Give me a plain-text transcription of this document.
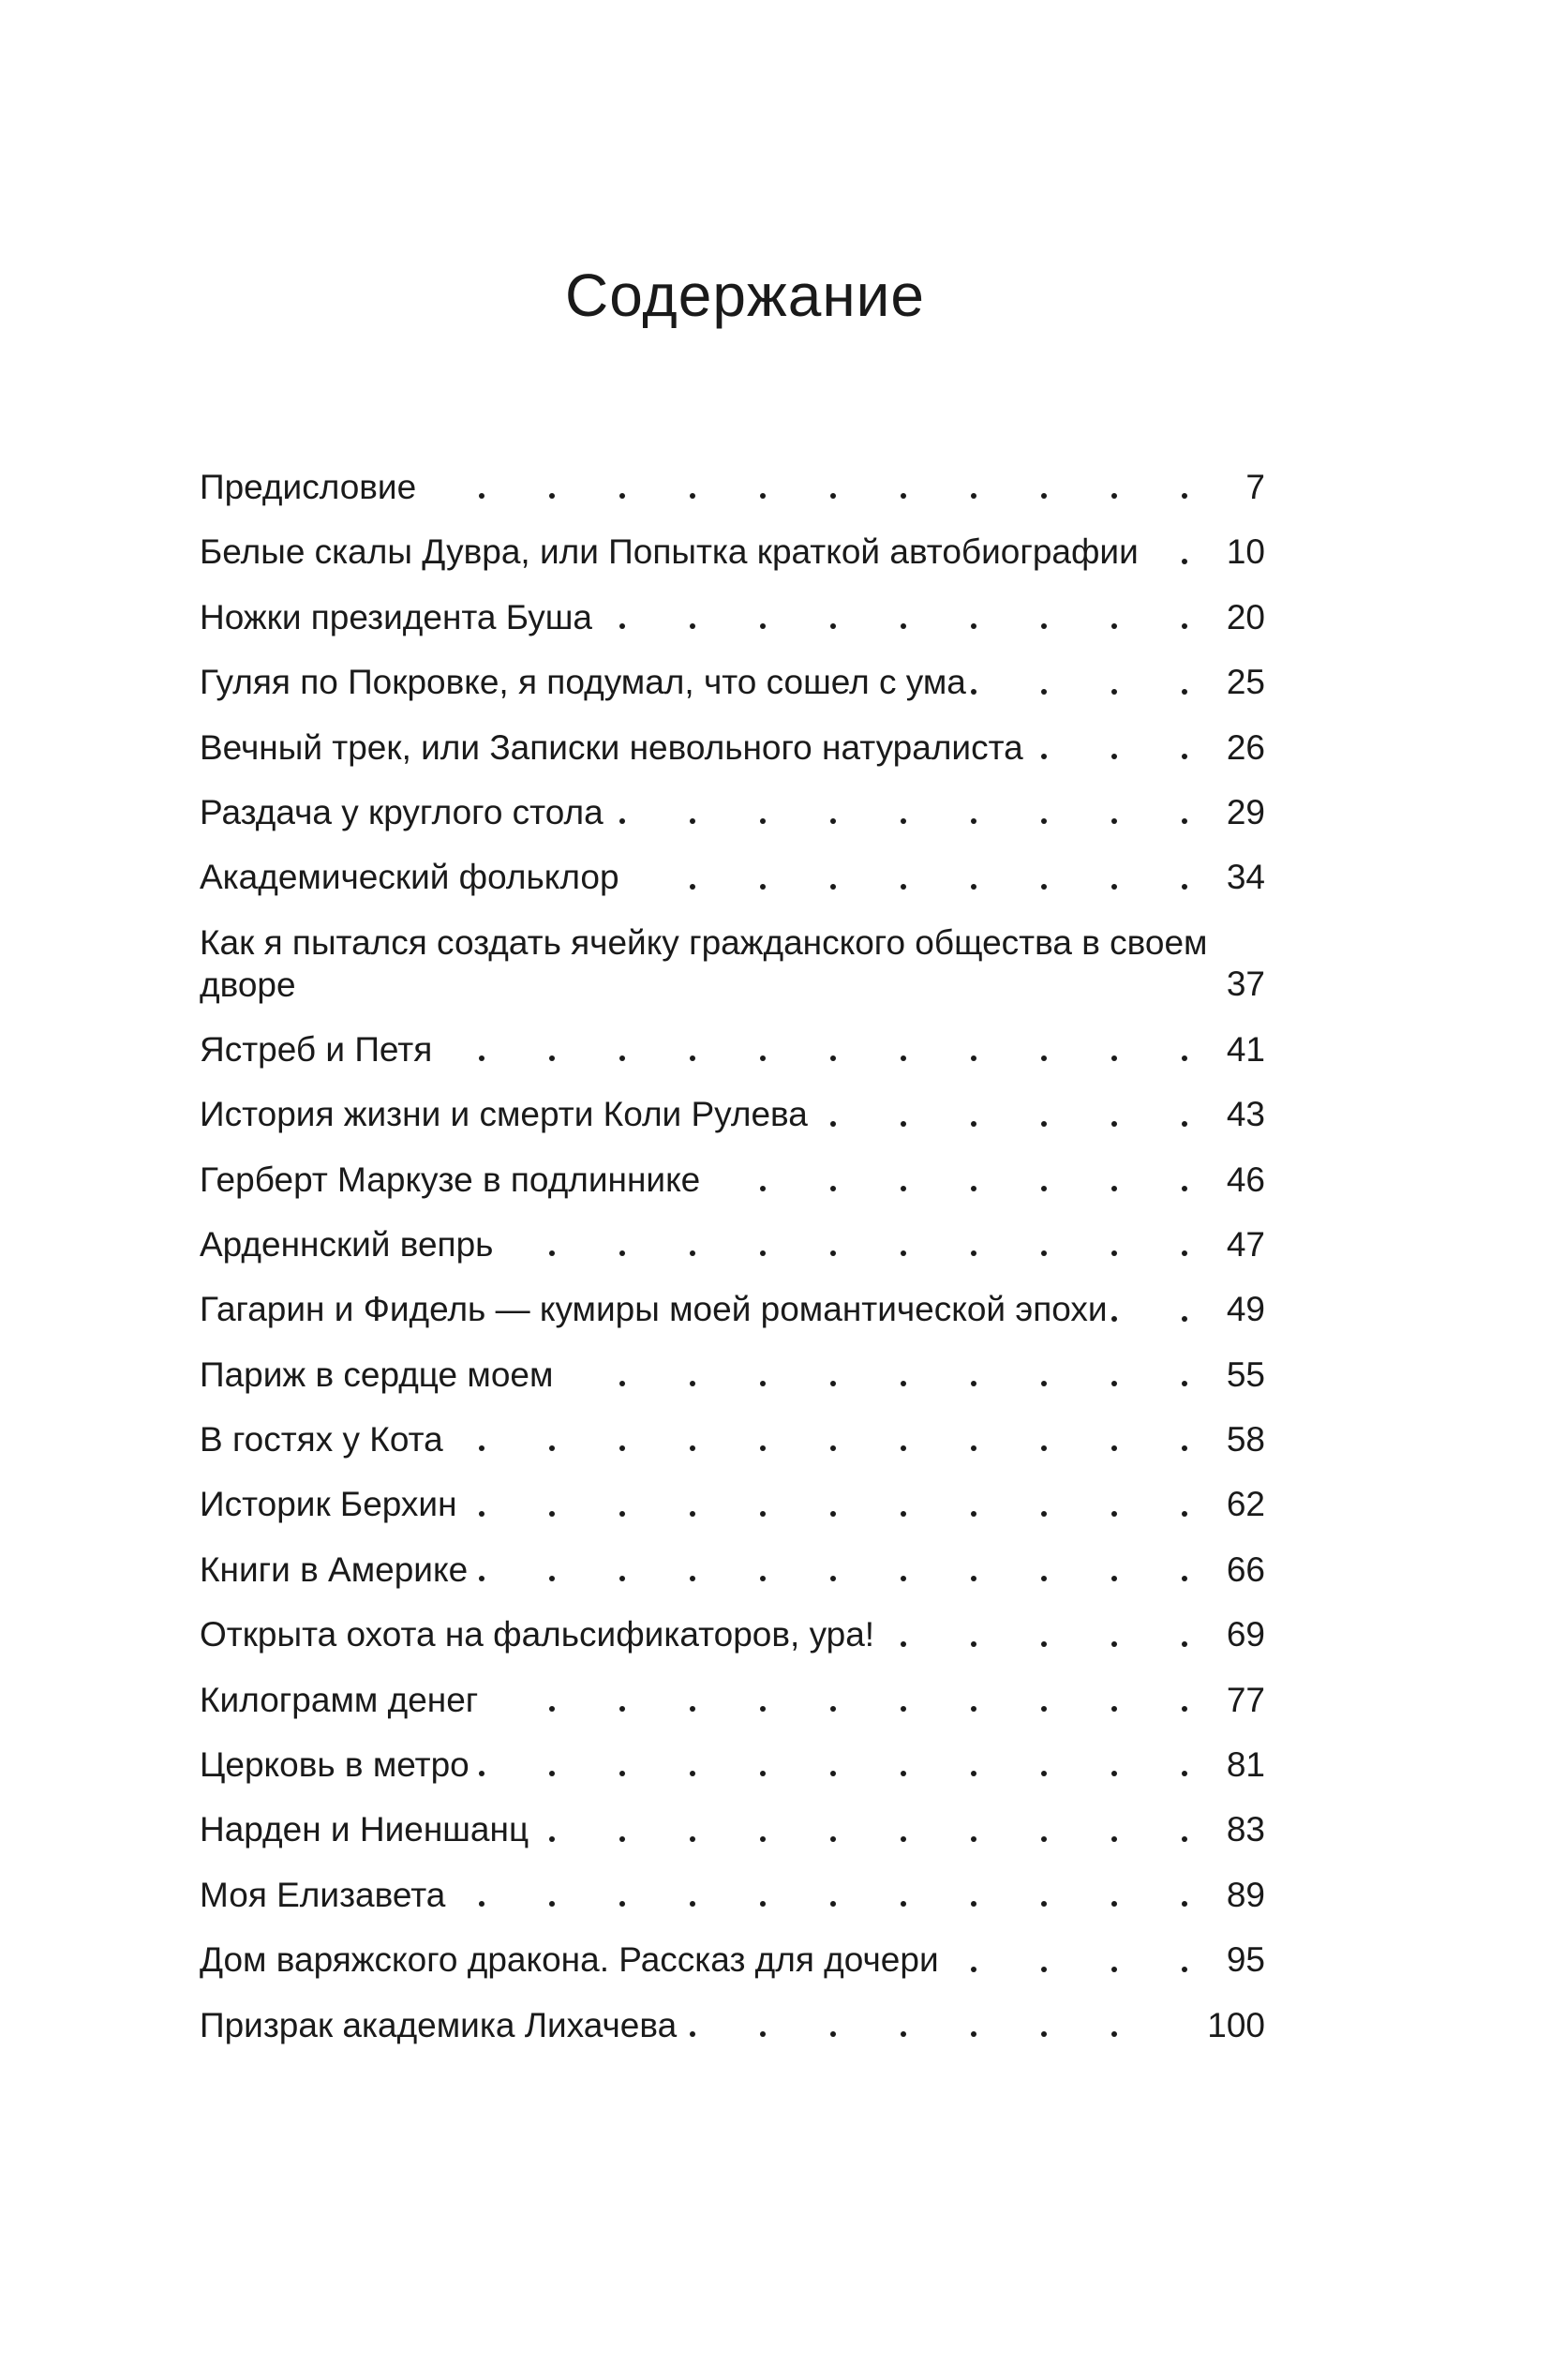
Содержание
Предисловие	7
Белые скалы Дувра, или Попытка краткой автобиографии	10
Ножки президента Буша	20
Гуляя по Покровке, я подумал, что сошел с ума	25
Вечный трек, или Записки невольного натуралиста	26
Раздача у круглого стола	29
Академический фольклор	34
Как я пытался создать ячейку гражданского общества в своем дворе	37
Ястреб и Петя	41
История жизни и смерти Коли Рулева	43
Герберт Маркузе в подлиннике	46
Арденнский вепрь	47
Гагарин и Фидель — кумиры моей романтической эпохи	49
Париж в сердце моем	55
В гостях у Кота	58
Историк Берхин	62
Книги в Америке	66
Открыта охота на фальсификаторов, ура!	69
Килограмм денег	77
Церковь в метро	81
Нарден и Ниеншанц	83
Моя Елизавета	89
Дом варяжского дракона. Рассказ для дочери	95
Призрак академика Лихачева	100
